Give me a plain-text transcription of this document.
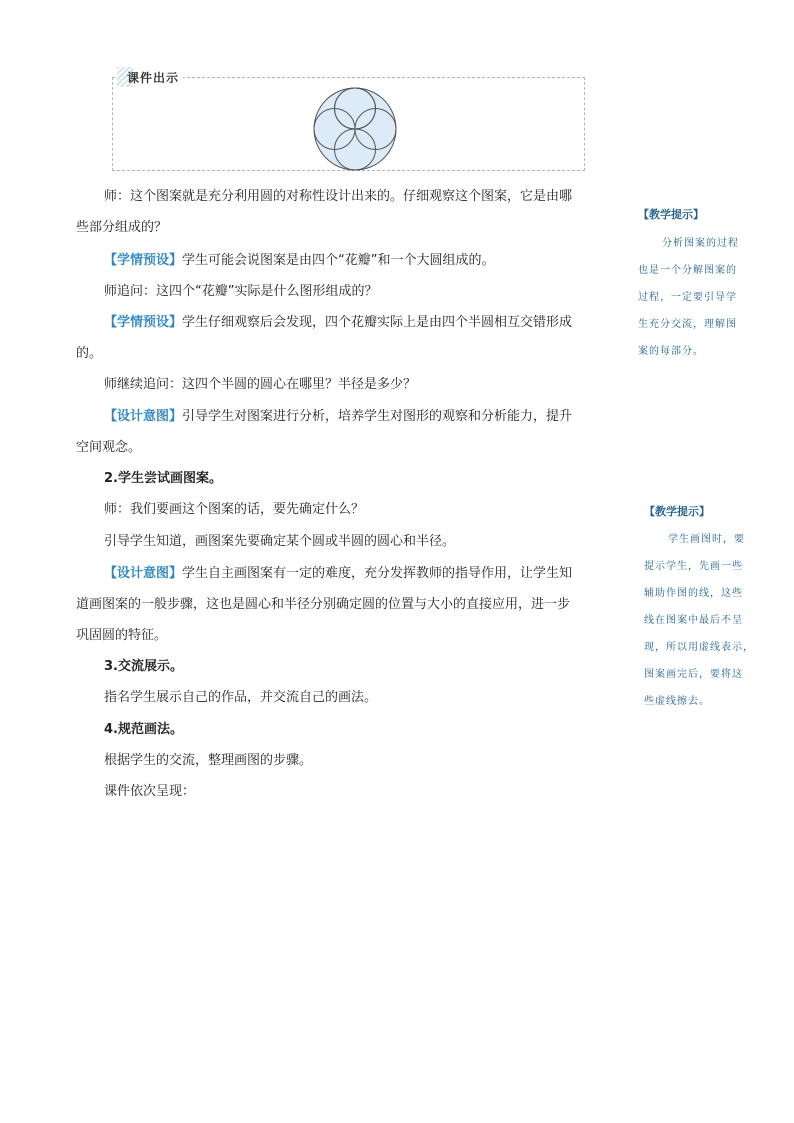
课件出示
师：这个图案就是充分利用圆的对称性设计出来的。仔细观察这个图案，它是由哪
些部分组成的？
【学情预设】学生可能会说图案是由四个“花瓣”和一个大圆组成的。
师追问：这四个“花瓣”实际是什么图形组成的？
【学情预设】学生仔细观察后会发现，四个花瓣实际上是由四个半圆相互交错形成
的。
师继续追问：这四个半圆的圆心在哪里？半径是多少？
【设计意图】引导学生对图案进行分析，培养学生对图形的观察和分析能力，提升
空间观念。
2.学生尝试画图案。
师：我们要画这个图案的话，要先确定什么？
引导学生知道，画图案先要确定某个圆或半圆的圆心和半径。
【设计意图】学生自主画图案有一定的难度，充分发挥教师的指导作用，让学生知
道画图案的一般步骤，这也是圆心和半径分别确定圆的位置与大小的直接应用，进一步
巩固圆的特征。
3.交流展示。
指名学生展示自己的作品，并交流自己的画法。
4.规范画法。
根据学生的交流，整理画图的步骤。
课件依次呈现：
【教学提示】
分析图案的过程
也是一个分解图案的
过程，一定要引导学
生充分交流，理解图
案的每部分。
【教学提示】
学生画图时，要
提示学生，先画一些
辅助作图的线，这些
线在图案中最后不呈
现，所以用虚线表示，
图案画完后，要将这
些虚线擦去。
